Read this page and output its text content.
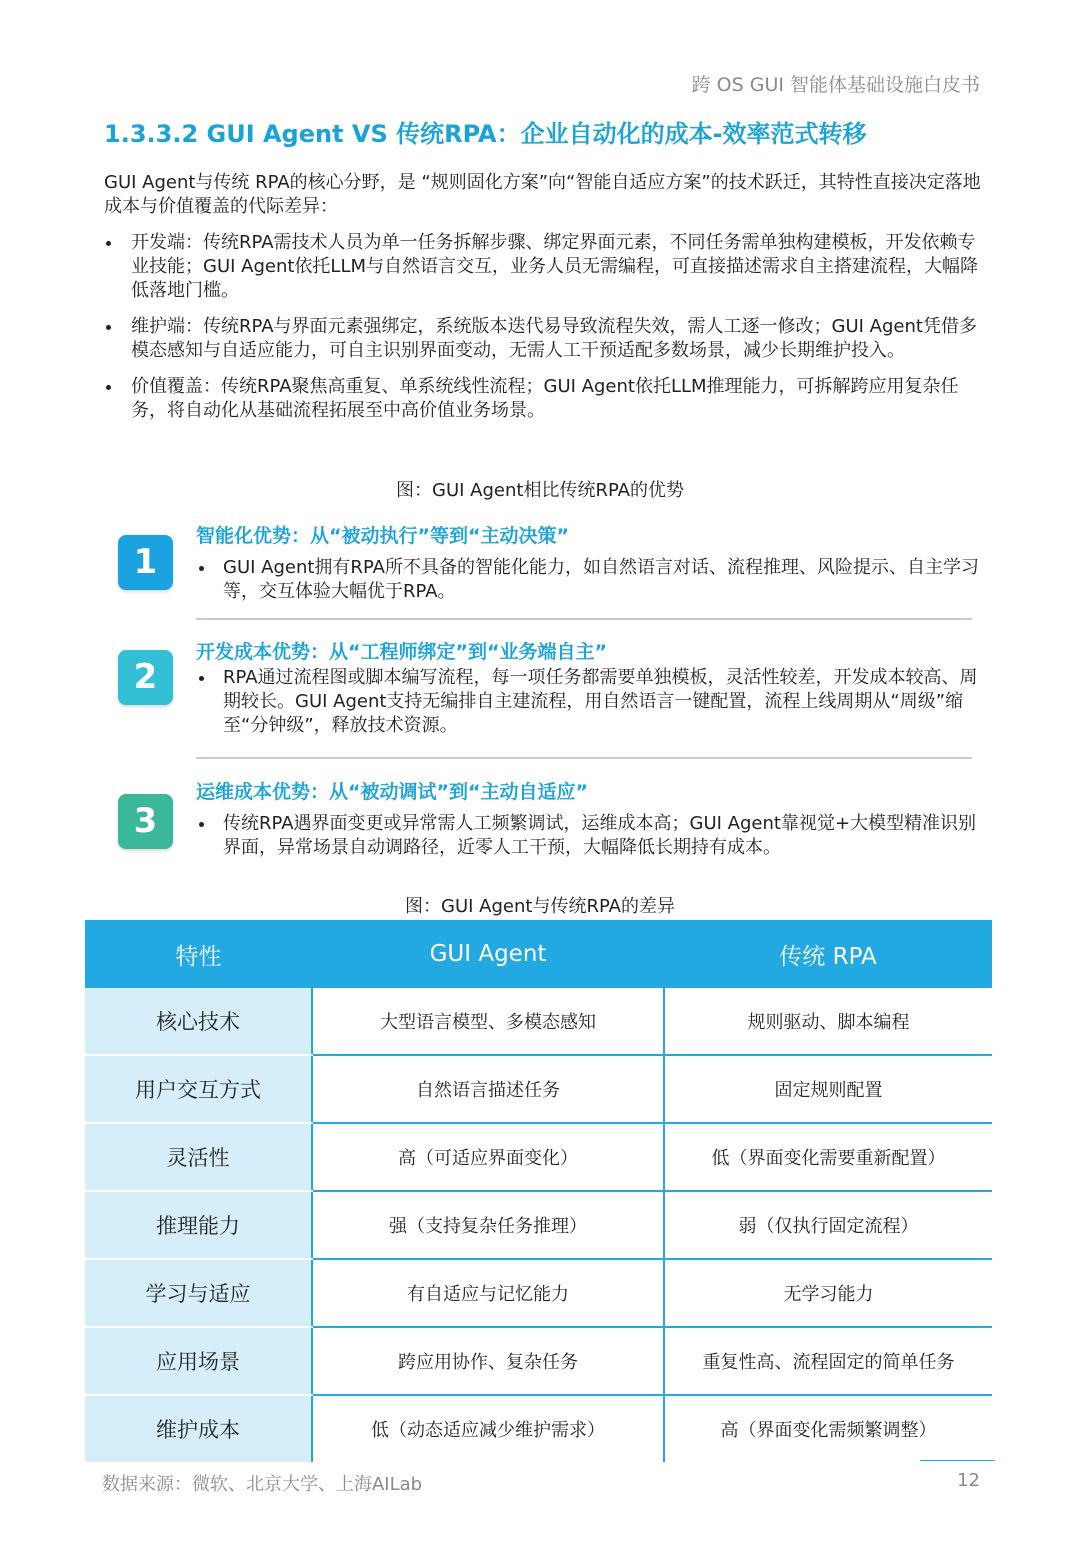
跨 OS GUI 智能体基础设施白皮书
1.3.3.2 GUI Agent VS 传统RPA：企业自动化的成本-效率范式转移
GUI Agent与传统 RPA的核心分野，是 “规则固化方案”向“智能自适应方案”的技术跃迁，其特性直接决定落地成本与价值覆盖的代际差异：
开发端：传统RPA需技术人员为单一任务拆解步骤、绑定界面元素，不同任务需单独构建模板，开发依赖专业技能；GUI Agent依托LLM与自然语言交互，业务人员无需编程，可直接描述需求自主搭建流程，大幅降低落地门槛。
维护端：传统RPA与界面元素强绑定，系统版本迭代易导致流程失效，需人工逐一修改；GUI Agent凭借多模态感知与自适应能力，可自主识别界面变动，无需人工干预适配多数场景，减少长期维护投入。
价值覆盖：传统RPA聚焦高重复、单系统线性流程；GUI Agent依托LLM推理能力，可拆解跨应用复杂任务，将自动化从基础流程拓展至中高价值业务场景。
图：GUI Agent相比传统RPA的优势
1
智能化优势：从“被动执行”等到“主动决策”
GUI Agent拥有RPA所不具备的智能化能力，如自然语言对话、流程推理、风险提示、自主学习等，交互体验大幅优于RPA。
2
开发成本优势：从“工程师绑定”到“业务端自主”
RPA通过流程图或脚本编写流程，每一项任务都需要单独模板，灵活性较差，开发成本较高、周期较长。GUI Agent支持无编排自主建流程，用自然语言一键配置，流程上线周期从“周级”缩至“分钟级”，释放技术资源。
3
运维成本优势：从“被动调试”到“主动自适应”
传统RPA遇界面变更或异常需人工频繁调试，运维成本高；GUI Agent靠视觉+大模型精准识别界面，异常场景自动调路径，近零人工干预，大幅降低长期持有成本。
图：GUI Agent与传统RPA的差异
特性	GUI Agent	传统 RPA
核心技术	大型语言模型、多模态感知	规则驱动、脚本编程
用户交互方式	自然语言描述任务	固定规则配置
灵活性	高（可适应界面变化）	低（界面变化需要重新配置）
推理能力	强（支持复杂任务推理）	弱（仅执行固定流程）
学习与适应	有自适应与记忆能力	无学习能力
应用场景	跨应用协作、复杂任务	重复性高、流程固定的简单任务
维护成本	低（动态适应减少维护需求）	高（界面变化需频繁调整）
数据来源：微软、北京大学、上海AILab	12
